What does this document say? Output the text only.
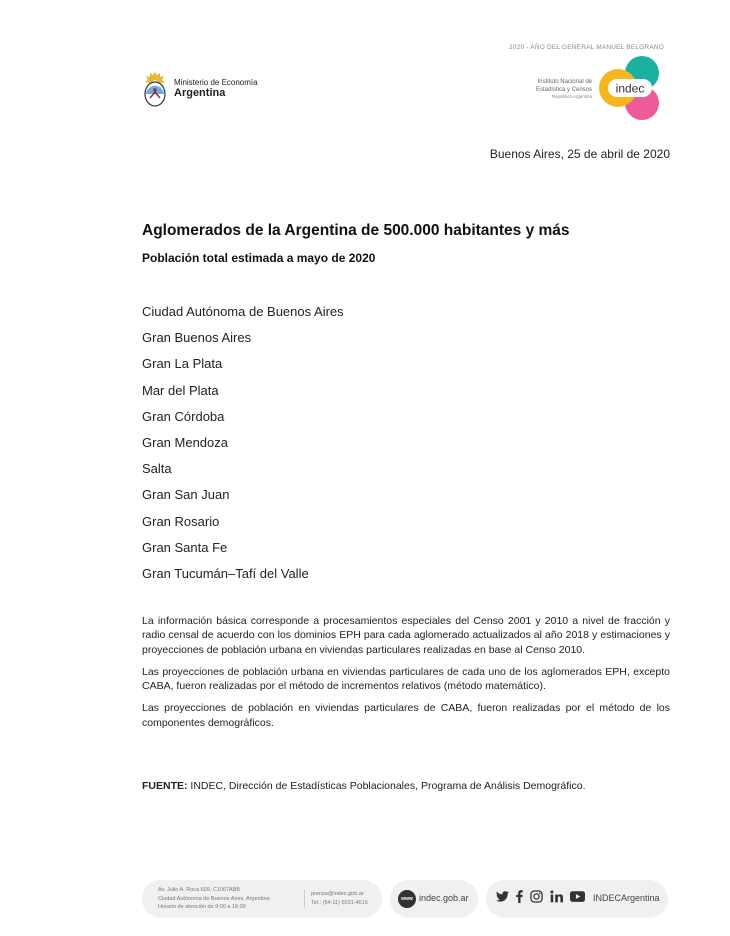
2020 - AÑO DEL GENERAL MANUEL BELGRANO
Ministerio de Economía
Argentina
Instituto Nacional de
Estadística y Censos
República Argentina
indec
Buenos Aires, 25 de abril de 2020
Aglomerados de la Argentina de 500.000 habitantes y más
Población total estimada a mayo de 2020
Ciudad Autónoma de Buenos Aires
Gran Buenos Aires
Gran La Plata
Mar del Plata
Gran Córdoba
Gran Mendoza
Salta
Gran San Juan
Gran Rosario
Gran Santa Fe
Gran Tucumán–Tafí del Valle

La información básica corresponde a procesamientos especiales del Censo 2001 y 2010 a nivel de fracción y radio censal de acuerdo con los dominios EPH para cada aglomerado actualizados al año 2018 y estimaciones y proyecciones de población urbana en viviendas particulares realizadas en base al Censo 2010.

Las proyecciones de población urbana en viviendas particulares de cada uno de los aglomerados EPH, excepto CABA, fueron realizadas por el método de incrementos relativos (método matemático).

Las proyecciones de población en viviendas particulares de CABA, fueron realizadas por el método de los componentes demográficos.

FUENTE: INDEC, Dirección de Estadísticas Poblacionales, Programa de Análisis Demográfico.
Av. Julio A. Roca 609, C1067ABB
Ciudad Autónoma de Buenos Aires, Argentina
Horario de atención de 9:00 a 16:00
prensa@indec.gob.ar
Tel.: (54-11) 5031-4616
www indec.gob.ar	INDECArgentina
